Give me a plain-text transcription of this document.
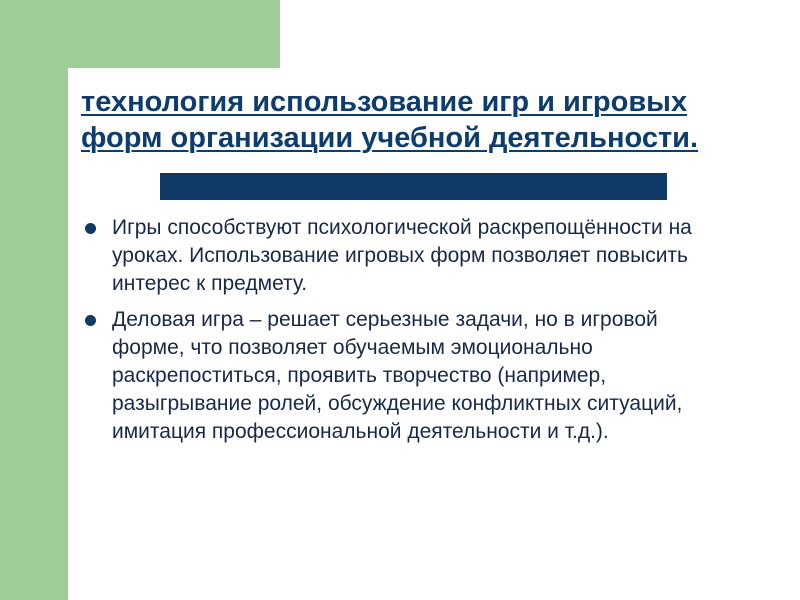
технология использование игр и игровых форм организации учебной деятельности.
Игры способствуют психологической раскрепощённости на уроках. Использование игровых форм позволяет повысить интерес к предмету.
Деловая игра – решает серьезные задачи, но в игровой форме, что позволяет обучаемым эмоционально раскрепоститься, проявить творчество (например, разыгрывание ролей, обсуждение конфликтных ситуаций, имитация профессиональной деятельности и т.д.).
